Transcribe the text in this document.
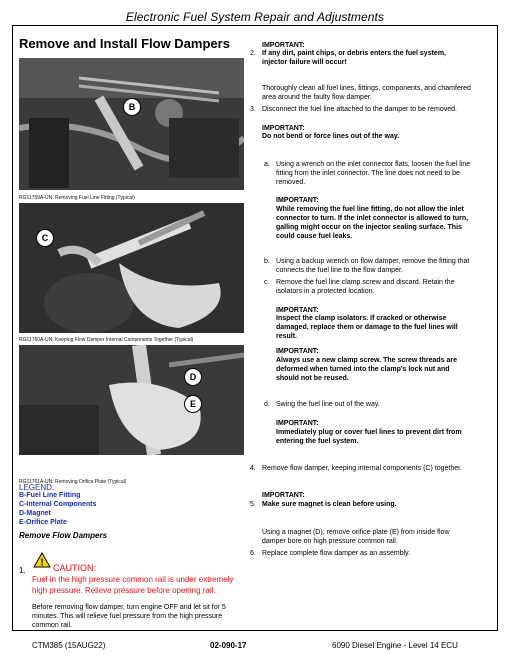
Electronic Fuel System Repair and Adjustments
Remove and Install Flow Dampers
B
RG11759A-UN: Removing Fuel Line Fitting (Typical)
C
RG11760A-UN: Keeping Flow Damper Internal Components Together (Typical)
D
E
RG11761A-UN: Removing Orifice Plate (Typical)
LEGEND:
B-Fuel Line Fitting
C-Internal Components
D-Magnet
E-Orifice Plate
Remove Flow Dampers
1.
! CAUTION:
Fuel in the high pressure common rail is under extremely high pressure. Relieve pressure before opening rail.
Before removing flow damper, turn engine OFF and let sit for 5 minutes. This will relieve fuel pressure from the high pressure common rail.
IMPORTANT:
2. If any dirt, paint chips, or debris enters the fuel system, injector failure will occur!
Thoroughly clean all fuel lines, fittings, components, and chamfered area around the faulty flow damper.
3. Disconnect the fuel line attached to the damper to be removed.
IMPORTANT:
Do not bend or force lines out of the way.
a. Using a wrench on the inlet connector flats, loosen the fuel line fitting from the inlet connector. The line does not need to be removed.
IMPORTANT:
While removing the fuel line fitting, do not allow the inlet connector to turn. If the inlet connector is allowed to turn, galling might occur on the injector sealing surface. This could cause fuel leaks.
b. Using a backup wrench on flow damper, remove the fitting that connects the fuel line to the flow damper.
c. Remove the fuel line clamp screw and discard. Retain the isolators in a protected location.
IMPORTANT:
Inspect the clamp isolators. If cracked or otherwise damaged, replace them or damage to the fuel lines will result.
IMPORTANT:
Always use a new clamp screw. The screw threads are deformed when turned into the clamp's lock nut and should not be reused.
d. Swing the fuel line out of the way.
IMPORTANT:
Immediately plug or cover fuel lines to prevent dirt from entering the fuel system.
4. Remove flow damper, keeping internal components (C) together.
IMPORTANT:
5. Make sure magnet is clean before using.
Using a magnet (D), remove orifice plate (E) from inside flow damper bore on high pressure common rail.
6. Replace complete flow damper as an assembly.
CTM385 (15AUG22)	02-090-17	6090 Diesel Engine - Level 14 ECU
